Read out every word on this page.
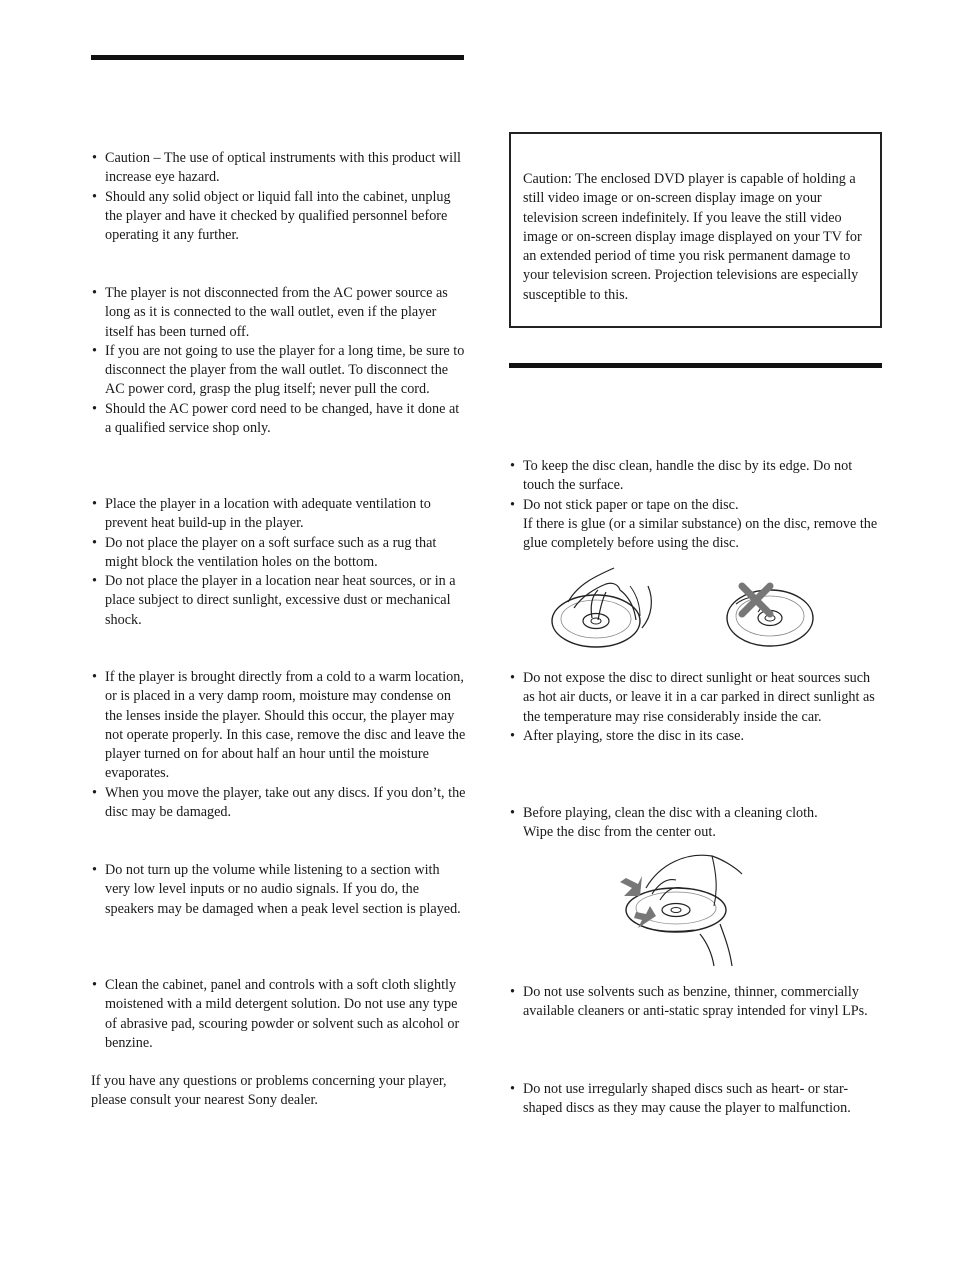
• Caution – The use of optical instruments with this product will increase eye hazard.
• Should any solid object or liquid fall into the cabinet, unplug the player and have it checked by qualified personnel before operating it any further.
• The player is not disconnected from the AC power source as long as it is connected to the wall outlet, even if the player itself has been turned off.
• If you are not going to use the player for a long time, be sure to disconnect the player from the wall outlet. To disconnect the AC power cord, grasp the plug itself; never pull the cord.
• Should the AC power cord need to be changed, have it done at a qualified service shop only.
• Place the player in a location with adequate ventilation to prevent heat build-up in the player.
• Do not place the player on a soft surface such as a rug that might block the ventilation holes on the bottom.
• Do not place the player in a location near heat sources, or in a place subject to direct sunlight, excessive dust or mechanical shock.
• If the player is brought directly from a cold to a warm location, or is placed in a very damp room, moisture may condense on the lenses inside the player. Should this occur, the player may not operate properly. In this case, remove the disc and leave the player turned on for about half an hour until the moisture evaporates.
• When you move the player, take out any discs. If you don’t, the disc may be damaged.
• Do not turn up the volume while listening to a section with very low level inputs or no audio signals. If you do, the speakers may be damaged when a peak level section is played.
• Clean the cabinet, panel and controls with a soft cloth slightly moistened with a mild detergent solution. Do not use any type of abrasive pad, scouring powder or solvent such as alcohol or benzine.

If you have any questions or problems concerning your player, please consult your nearest Sony dealer.

Caution: The enclosed DVD player is capable of holding a still video image or on-screen display image on your television screen indefinitely. If you leave the still video image or on-screen display image displayed on your TV for an extended period of time you risk permanent damage to your television screen. Projection televisions are especially susceptible to this.

• To keep the disc clean, handle the disc by its edge. Do not touch the surface.
• Do not stick paper or tape on the disc.
If there is glue (or a similar substance) on the disc, remove the glue completely before using the disc.
• Do not expose the disc to direct sunlight or heat sources such as hot air ducts, or leave it in a car parked in direct sunlight as the temperature may rise considerably inside the car.
• After playing, store the disc in its case.
• Before playing, clean the disc with a cleaning cloth.
Wipe the disc from the center out.
• Do not use solvents such as benzine, thinner, commercially available cleaners or anti-static spray intended for vinyl LPs.
• Do not use irregularly shaped discs such as heart- or star-shaped discs as they may cause the player to malfunction.
